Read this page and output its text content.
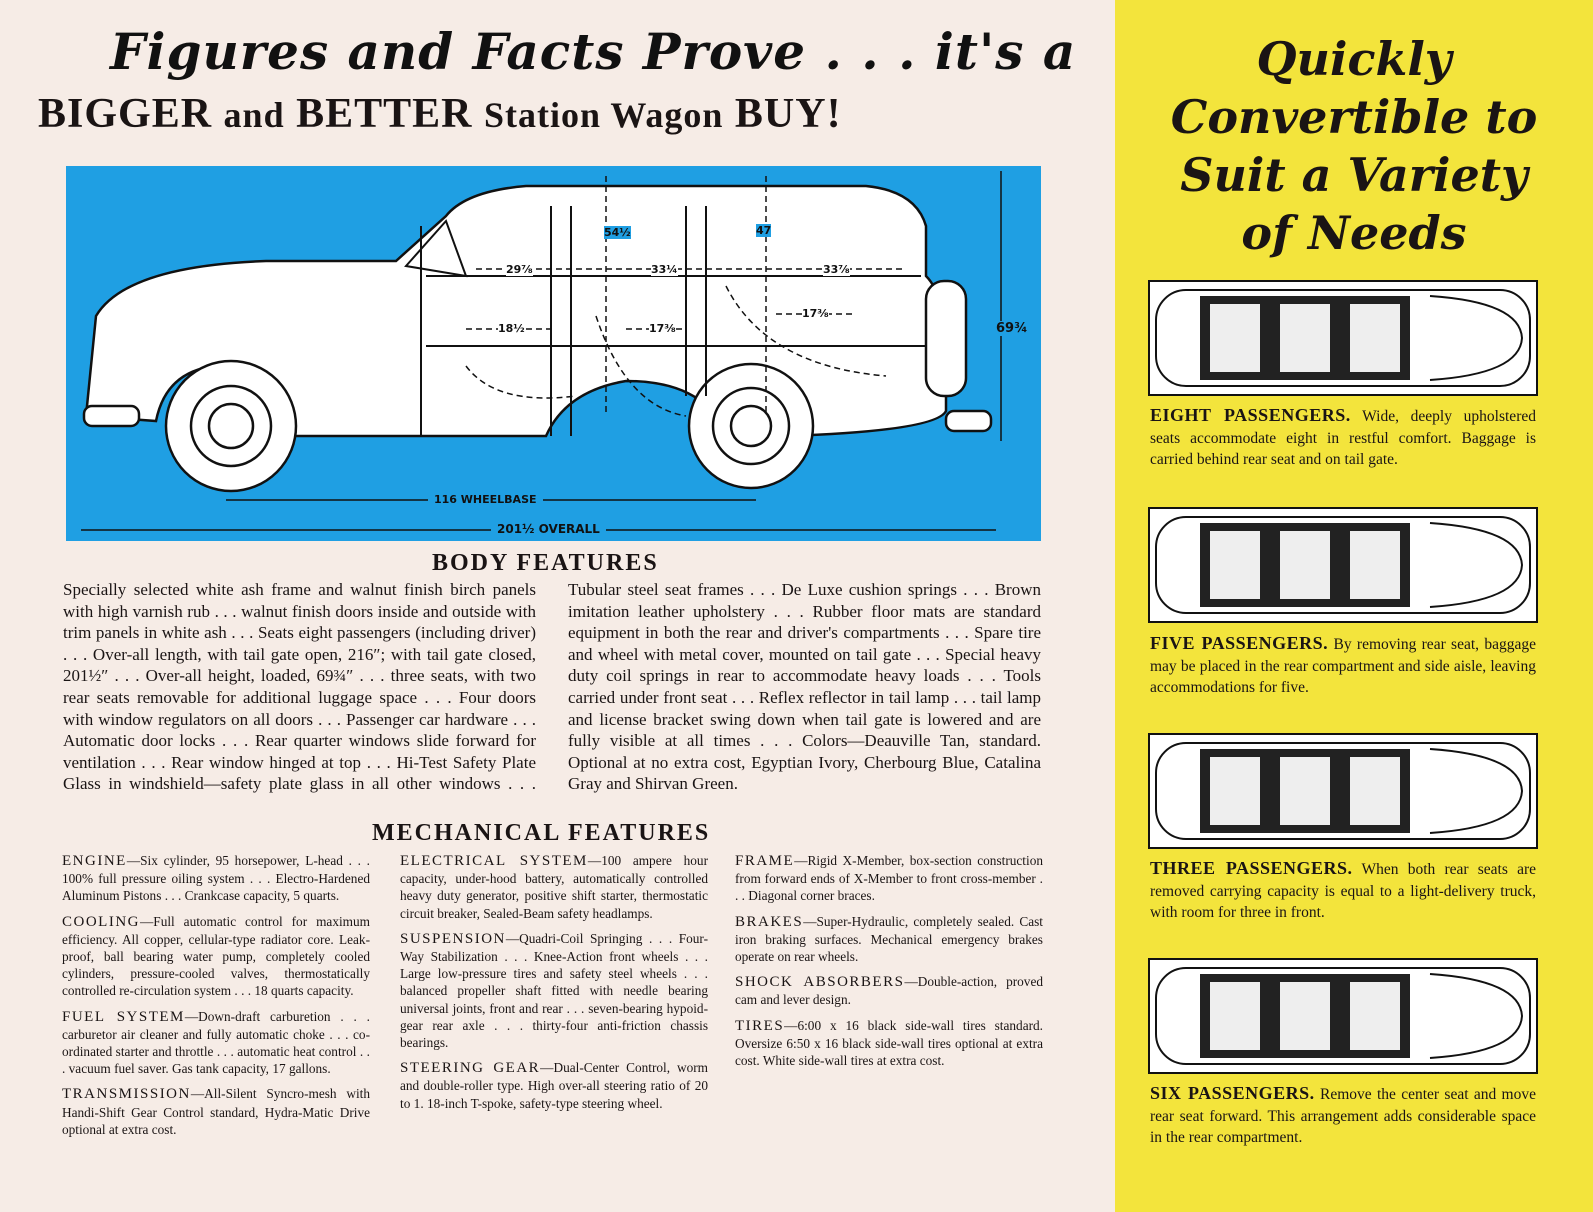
Figures and Facts Prove . . . it's a
BIGGER and BETTER Station Wagon BUY!
54½	47
69¾
29⅞	33¼	33⅞
18½	17⅜
17⅜
116 WHEELBASE
201½ OVERALL
BODY FEATURES
Specially selected white ash frame and walnut finish birch panels with high varnish rub . . . walnut finish doors inside and outside with trim panels in white ash . . . Seats eight passengers (including driver) . . . Over-all length, with tail gate open, 216″; with tail gate closed, 201½″ . . . Over-all height, loaded, 69¾″ . . . three seats, with two rear seats removable for additional luggage space . . . Four doors with window regulators on all doors . . . Passenger car hardware . . . Automatic door locks . . . Rear quarter windows slide forward for ventilation . . . Rear window hinged at top . . . Hi-Test Safety Plate Glass in windshield—safety plate glass in all other windows . . . Tubular steel seat frames . . . De Luxe cushion springs . . . Brown imitation leather upholstery . . . Rubber floor mats are standard equipment in both the rear and driver's compartments . . . Spare tire and wheel with metal cover, mounted on tail gate . . . Special heavy duty coil springs in rear to accommodate heavy loads . . . Tools carried under front seat . . . Reflex reflector in tail lamp . . . tail lamp and license bracket swing down when tail gate is lowered and are fully visible at all times . . . Colors—Deauville Tan, standard. Optional at no extra cost, Egyptian Ivory, Cherbourg Blue, Catalina Gray and Shirvan Green.
MECHANICAL FEATURES

ENGINE—Six cylinder, 95 horsepower, L-head . . . 100% full pressure oiling system . . . Electro-Hardened Aluminum Pistons . . . Crankcase capacity, 5 quarts.

COOLING—Full automatic control for maximum efficiency. All copper, cellular-type radiator core. Leak-proof, ball bearing water pump, completely cooled cylinders, pressure-cooled valves, thermostatically controlled re-circulation system . . . 18 quarts capacity.

FUEL SYSTEM—Down-draft carburetion . . . carburetor air cleaner and fully automatic choke . . . co-ordinated starter and throttle . . . automatic heat control . . . vacuum fuel saver. Gas tank capacity, 17 gallons.

TRANSMISSION—All-Silent Syncro-mesh with Handi-Shift Gear Control standard, Hydra-Matic Drive optional at extra cost.

ELECTRICAL SYSTEM—100 ampere hour capacity, under-hood battery, automatically controlled heavy duty generator, positive shift starter, thermostatic circuit breaker, Sealed-Beam safety headlamps.

SUSPENSION—Quadri-Coil Springing . . . Four-Way Stabilization . . . Knee-Action front wheels . . . Large low-pressure tires and safety steel wheels . . . balanced propeller shaft fitted with needle bearing universal joints, front and rear . . . seven-bearing hypoid-gear rear axle . . . thirty-four anti-friction chassis bearings.

STEERING GEAR—Dual-Center Control, worm and double-roller type. High over-all steering ratio of 20 to 1. 18-inch T-spoke, safety-type steering wheel.

FRAME—Rigid X-Member, box-section construction from forward ends of X-Member to front cross-member . . . Diagonal corner braces.

BRAKES—Super-Hydraulic, completely sealed. Cast iron braking surfaces. Mechanical emergency brakes operate on rear wheels.

SHOCK ABSORBERS—Double-action, proved cam and lever design.

TIRES—6:00 x 16 black side-wall tires standard. Oversize 6:50 x 16 black side-wall tires optional at extra cost. White side-wall tires at extra cost.

Quickly
Convertible to
Suit a Variety
of Needs
EIGHT PASSENGERS. Wide, deeply upholstered seats accommodate eight in restful comfort. Baggage is carried behind rear seat and on tail gate.
FIVE PASSENGERS. By removing rear seat, baggage may be placed in the rear compartment and side aisle, leaving accommodations for five.
THREE PASSENGERS. When both rear seats are removed carrying capacity is equal to a light-delivery truck, with room for three in front.
SIX PASSENGERS. Remove the center seat and move rear seat forward. This arrangement adds considerable space in the rear compartment.
